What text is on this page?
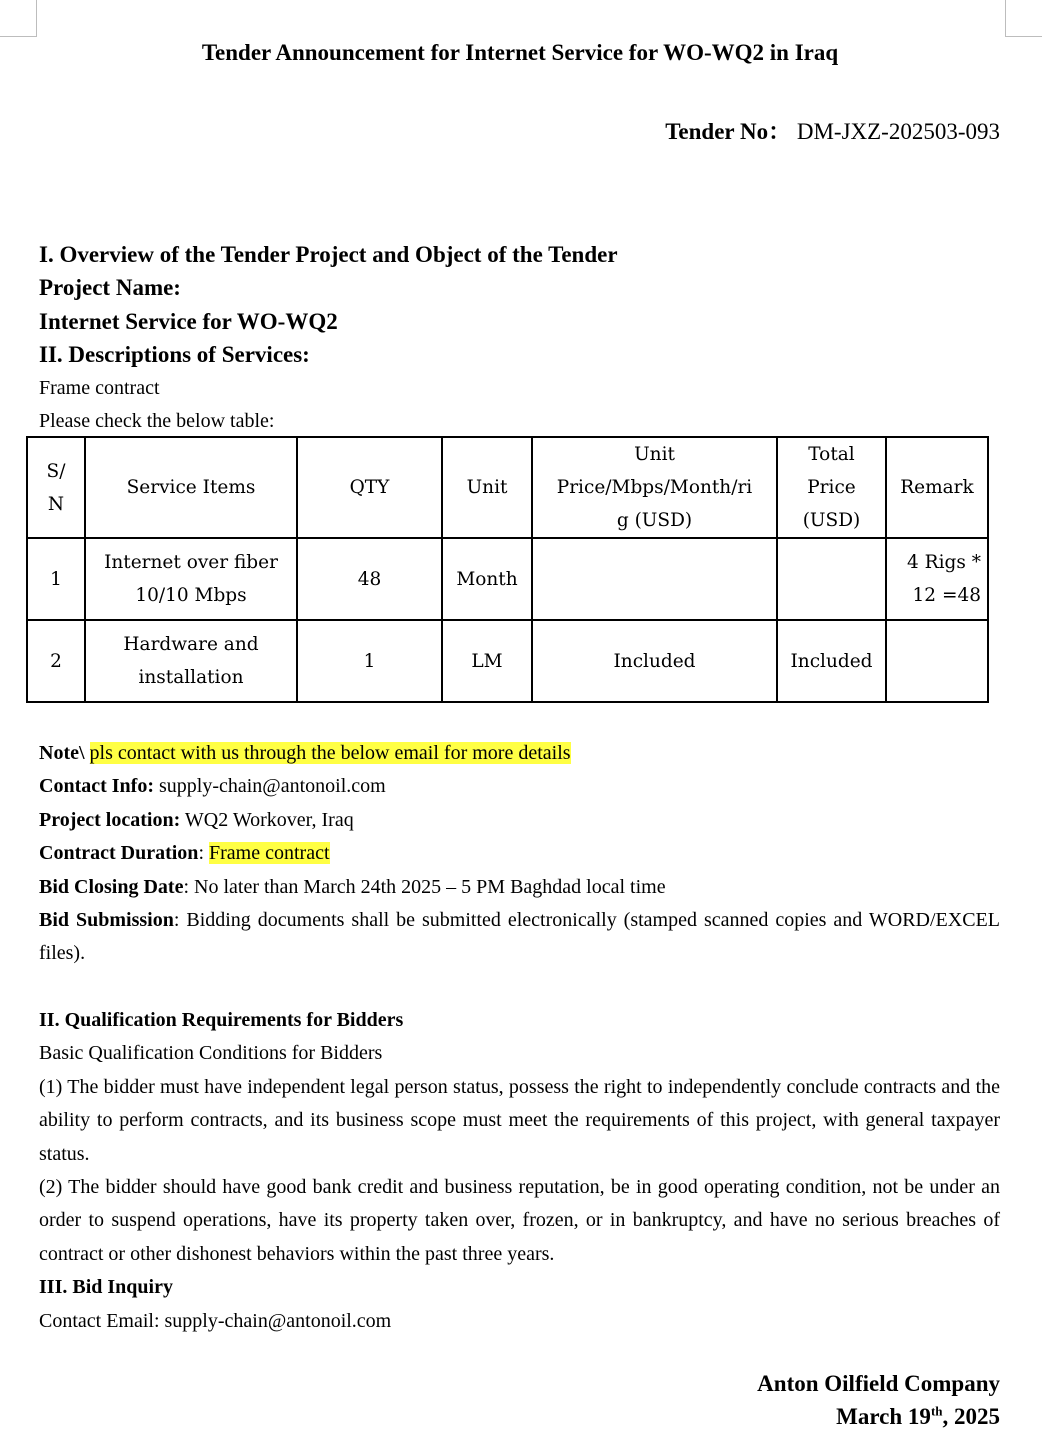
Tender Announcement for Internet Service for WO-WQ2 in Iraq
Tender No： DM-JXZ-202503-093
I. Overview of the Tender Project and Object of the Tender
Project Name:
Internet Service for WO-WQ2
II. Descriptions of Services:
Frame contract
Please check the below table:
S/
N	Service Items	QTY	Unit	Unit
Price/Mbps/Month/ri
g (USD)	Total
Price
(USD)	Remark
1	Internet over fiber
10/10 Mbps	48	Month			4 Rigs *
12 =48
2	Hardware and
installation	1	LM	Included	Included	
Note\ pls contact with us through the below email for more details
Contact Info: supply-chain@antonoil.com
Project location: WQ2 Workover, Iraq
Contract Duration: Frame contract
Bid Closing Date: No later than March 24th 2025 – 5 PM Baghdad local time
Bid Submission: Bidding documents shall be submitted electronically (stamped scanned copies and WORD/EXCEL files).
II. Qualification Requirements for Bidders
Basic Qualification Conditions for Bidders
(1) The bidder must have independent legal person status, possess the right to independently conclude contracts and the ability to perform contracts, and its business scope must meet the requirements of this project, with general taxpayer status.
(2) The bidder should have good bank credit and business reputation, be in good operating condition, not be under an order to suspend operations, have its property taken over, frozen, or in bankruptcy, and have no serious breaches of contract or other dishonest behaviors within the past three years.
III. Bid Inquiry
Contact Email: supply-chain@antonoil.com
Anton Oilfield Company
March 19th, 2025
